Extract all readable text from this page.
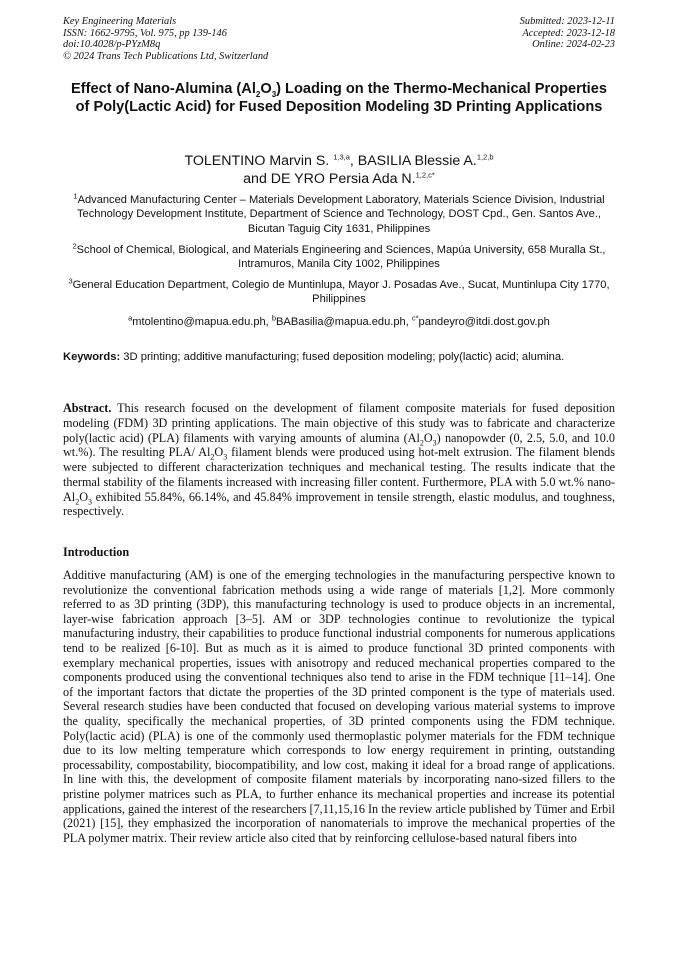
Key Engineering Materials
ISSN: 1662-9795, Vol. 975, pp 139-146
doi:10.4028/p-PYzM8q
© 2024 Trans Tech Publications Ltd, Switzerland
Submitted: 2023-12-11
Accepted: 2023-12-18
Online: 2024-02-23
Effect of Nano-Alumina $(Al_2O_3)$ Loading on the Thermo-Mechanical Properties of Poly(Lactic Acid) for Fused Deposition Modeling 3D Printing Applications
TOLENTINO Marvin S. $^{1,3,a}$, BASILIA Blessie A.$^{1,2,b}$
and DE YRO Persia Ada N.$^{1,2,c*}$
$^1$Advanced Manufacturing Center – Materials Development Laboratory, Materials Science Division, Industrial Technology Development Institute, Department of Science and Technology, DOST Cpd., Gen. Santos Ave., Bicutan Taguig City 1631, Philippines
$^2$School of Chemical, Biological, and Materials Engineering and Sciences, Mapúa University, 658 Muralla St., Intramuros, Manila City 1002, Philippines
$^3$General Education Department, Colegio de Muntinlupa, Mayor J. Posadas Ave., Sucat, Muntinlupa City 1770, Philippines
$^a$mtolentino@mapua.edu.ph, $^b$BABasilia@mapua.edu.ph, $^{c*}$pandeyro@itdi.dost.gov.ph
Keywords: 3D printing; additive manufacturing; fused deposition modeling; poly(lactic) acid; alumina.
Abstract. This research focused on the development of filament composite materials for fused deposition modeling (FDM) 3D printing applications. The main objective of this study was to fabricate and characterize poly(lactic acid) (PLA) filaments with varying amounts of alumina $(Al_2O_3)$ nanopowder (0, 2.5, 5.0, and 10.0 wt.%). The resulting PLA/ $Al_2O_3$ filament blends were produced using hot-melt extrusion. The filament blends were subjected to different characterization techniques and mechanical testing. The results indicate that the thermal stability of the filaments increased with increasing filler content. Furthermore, PLA with 5.0 wt.% nano-$Al_2O_3$ exhibited 55.84%, 66.14%, and 45.84% improvement in tensile strength, elastic modulus, and toughness, respectively.
Introduction
Additive manufacturing (AM) is one of the emerging technologies in the manufacturing perspective known to revolutionize the conventional fabrication methods using a wide range of materials [1,2]. More commonly referred to as 3D printing (3DP), this manufacturing technology is used to produce objects in an incremental, layer-wise fabrication approach [3–5]. AM or 3DP technologies continue to revolutionize the typical manufacturing industry, their capabilities to produce functional industrial components for numerous applications tend to be realized [6-10]. But as much as it is aimed to produce functional 3D printed components with exemplary mechanical properties, issues with anisotropy and reduced mechanical properties compared to the components produced using the conventional techniques also tend to arise in the FDM technique [11–14]. One of the important factors that dictate the properties of the 3D printed component is the type of materials used. Several research studies have been conducted that focused on developing various material systems to improve the quality, specifically the mechanical properties, of 3D printed components using the FDM technique. Poly(lactic acid) (PLA) is one of the commonly used thermoplastic polymer materials for the FDM technique due to its low melting temperature which corresponds to low energy requirement in printing, outstanding processability, compostability, biocompatibility, and low cost, making it ideal for a broad range of applications. In line with this, the development of composite filament materials by incorporating nano-sized fillers to the pristine polymer matrices such as PLA, to further enhance its mechanical properties and increase its potential applications, gained the interest of the researchers [7,11,15,16 In the review article published by Tümer and Erbil (2021) [15], they emphasized the incorporation of nanomaterials to improve the mechanical properties of the PLA polymer matrix. Their review article also cited that by reinforcing cellulose-based natural fibers into
